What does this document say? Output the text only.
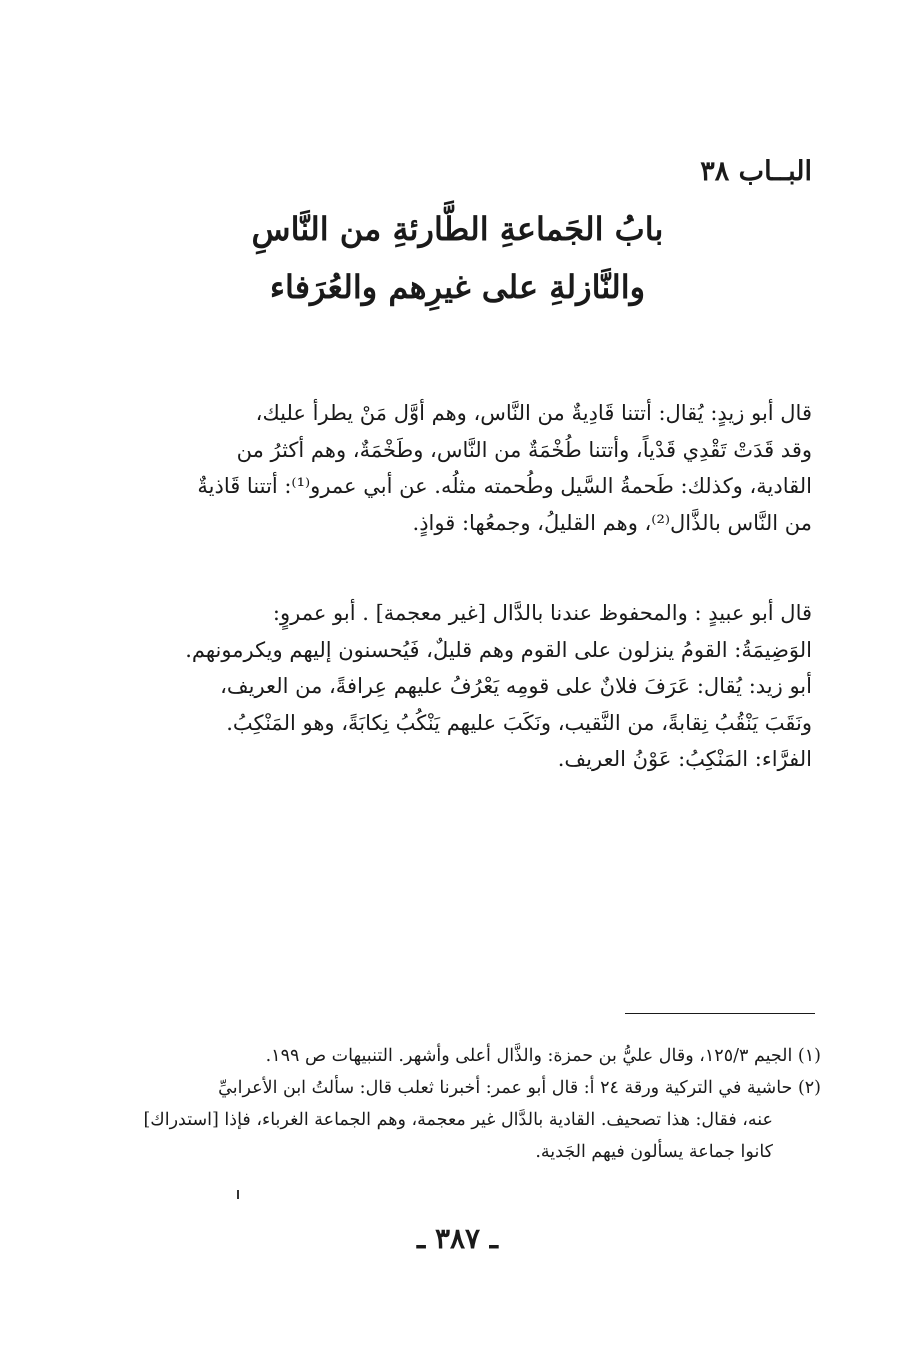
البــاب ٣٨
بابُ الجَماعةِ الطَّارئةِ من النَّاسِ
والنَّازلةِ على غيرِهم والعُرَفاء
قال أبو زيدٍ: يُقال: أتتنا قَادِيةٌ من النَّاس، وهم أوَّل مَنْ يطرأ عليك،
وقد قَدَتْ تَقْدِي قَدْياً، وأتتنا طُخْمَةٌ من النَّاس، وطَخْمَةٌ، وهم أكثرُ من
القادية، وكذلك: طَحمةُ السَّيل وطُحمته مثلُه. عن أبي عمرو⁽¹⁾: أتتنا قَاذيةٌ
من النَّاس بالذَّال⁽²⁾، وهم القليلُ، وجمعُها: قواذٍ.
قال أبو عبيدٍ : والمحفوظ عندنا بالدَّال [غير معجمة] . أبو عمروٍ:
الوَضِيمَةُ: القومُ ينزلون على القوم وهم قليلٌ، فَيُحسنون إليهم ويكرمونهم.
أبو زيد: يُقال: عَرَفَ فلانٌ على قومِه يَعْرُفُ عليهم عِرافةً، من العريف،
ونَقَبَ يَنْقُبُ نِقابةً، من النَّقيب، ونَكَبَ عليهم يَنْكُبُ نِكابَةً، وهو المَنْكِبُ.
الفرَّاء: المَنْكِبُ: عَوْنُ العريف.
(١) الجيم ١٢٥/٣، وقال عليُّ بن حمزة: والذَّال أعلى وأشهر. التنبيهات ص ١٩٩.
(٢) حاشية في التركية ورقة ٢٤ أ: قال أبو عمر: أخبرنا ثعلب قال: سألتُ ابن الأعرابيِّ
عنه، فقال: هذا تصحيف. القادية بالدَّال غير معجمة، وهم الجماعة الغرباء، فإذا [استدراك]
كانوا جماعة يسألون فيهم الجَدية.
ـ ٣٨٧ ـ
